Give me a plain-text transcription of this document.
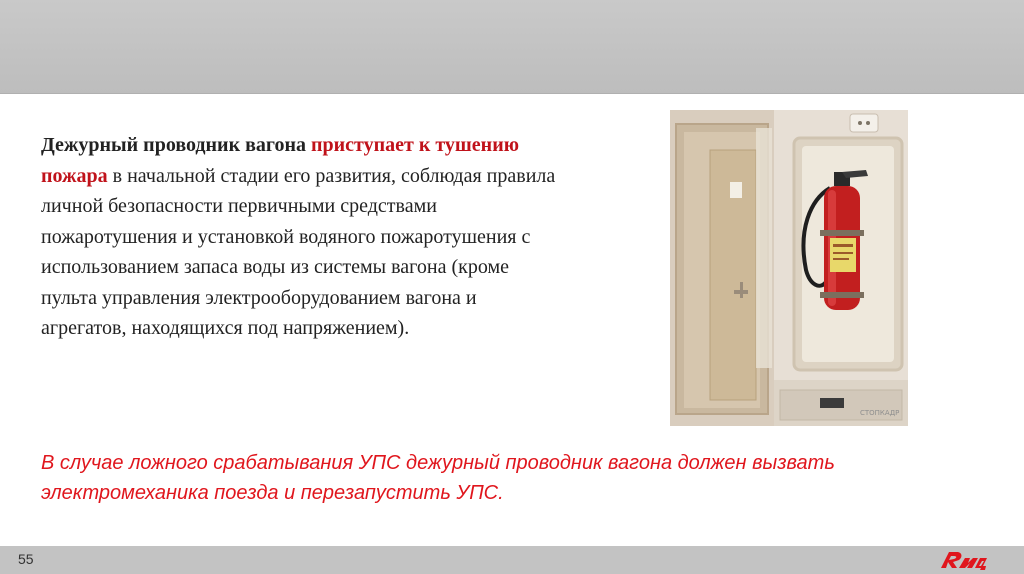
Дежурный проводник вагона приступает к тушению пожара в начальной стадии его развития, соблюдая правила личной безопасности первичными средствами пожаротушения и установкой водяного пожаротушения с использованием запаса воды из системы вагона (кроме пульта управления электрооборудованием вагона и агрегатов, находящихся под напряжением).

СТОПКАДР

В случае ложного срабатывания УПС дежурный проводник вагона должен вызвать электромеханика поезда и перезапустить УПС.

55
